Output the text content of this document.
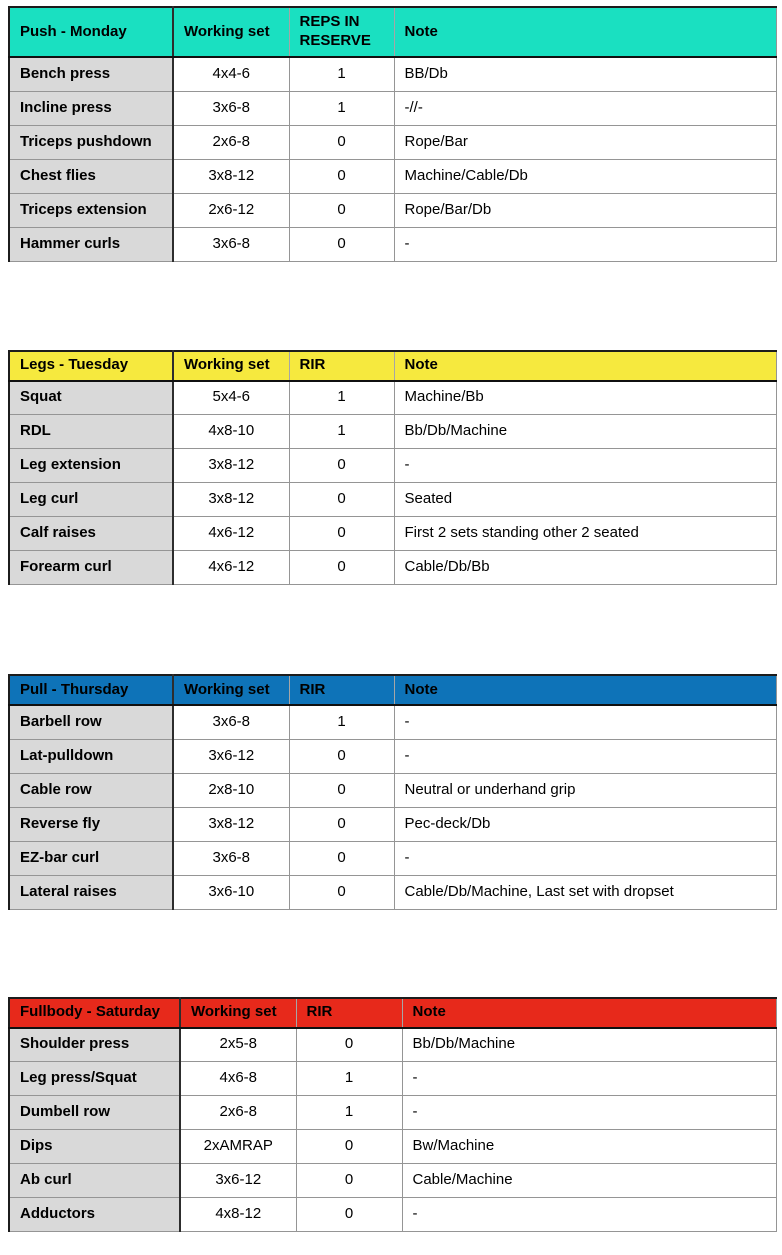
Push - Monday	Working set	REPS IN RESERVE	Note
Bench press	4x4-6	1	BB/Db
Incline press	3x6-8	1	-//-
Triceps pushdown	2x6-8	0	Rope/Bar
Chest flies	3x8-12	0	Machine/Cable/Db
Triceps extension	2x6-12	0	Rope/Bar/Db
Hammer curls	3x6-8	0	-
Legs - Tuesday	Working set	RIR	Note
Squat	5x4-6	1	Machine/Bb
RDL	4x8-10	1	Bb/Db/Machine
Leg extension	3x8-12	0	-
Leg curl	3x8-12	0	Seated
Calf raises	4x6-12	0	First 2 sets standing other 2 seated
Forearm curl	4x6-12	0	Cable/Db/Bb
Pull - Thursday	Working set	RIR	Note
Barbell row	3x6-8	1	-
Lat-pulldown	3x6-12	0	-
Cable row	2x8-10	0	Neutral or underhand grip
Reverse fly	3x8-12	0	Pec-deck/Db
EZ-bar curl	3x6-8	0	-
Lateral raises	3x6-10	0	Cable/Db/Machine, Last set with dropset
Fullbody - Saturday	Working set	RIR	Note
Shoulder press	2x5-8	0	Bb/Db/Machine
Leg press/Squat	4x6-8	1	-
Dumbell row	2x6-8	1	-
Dips	2xAMRAP	0	Bw/Machine
Ab curl	3x6-12	0	Cable/Machine
Adductors	4x8-12	0	-
